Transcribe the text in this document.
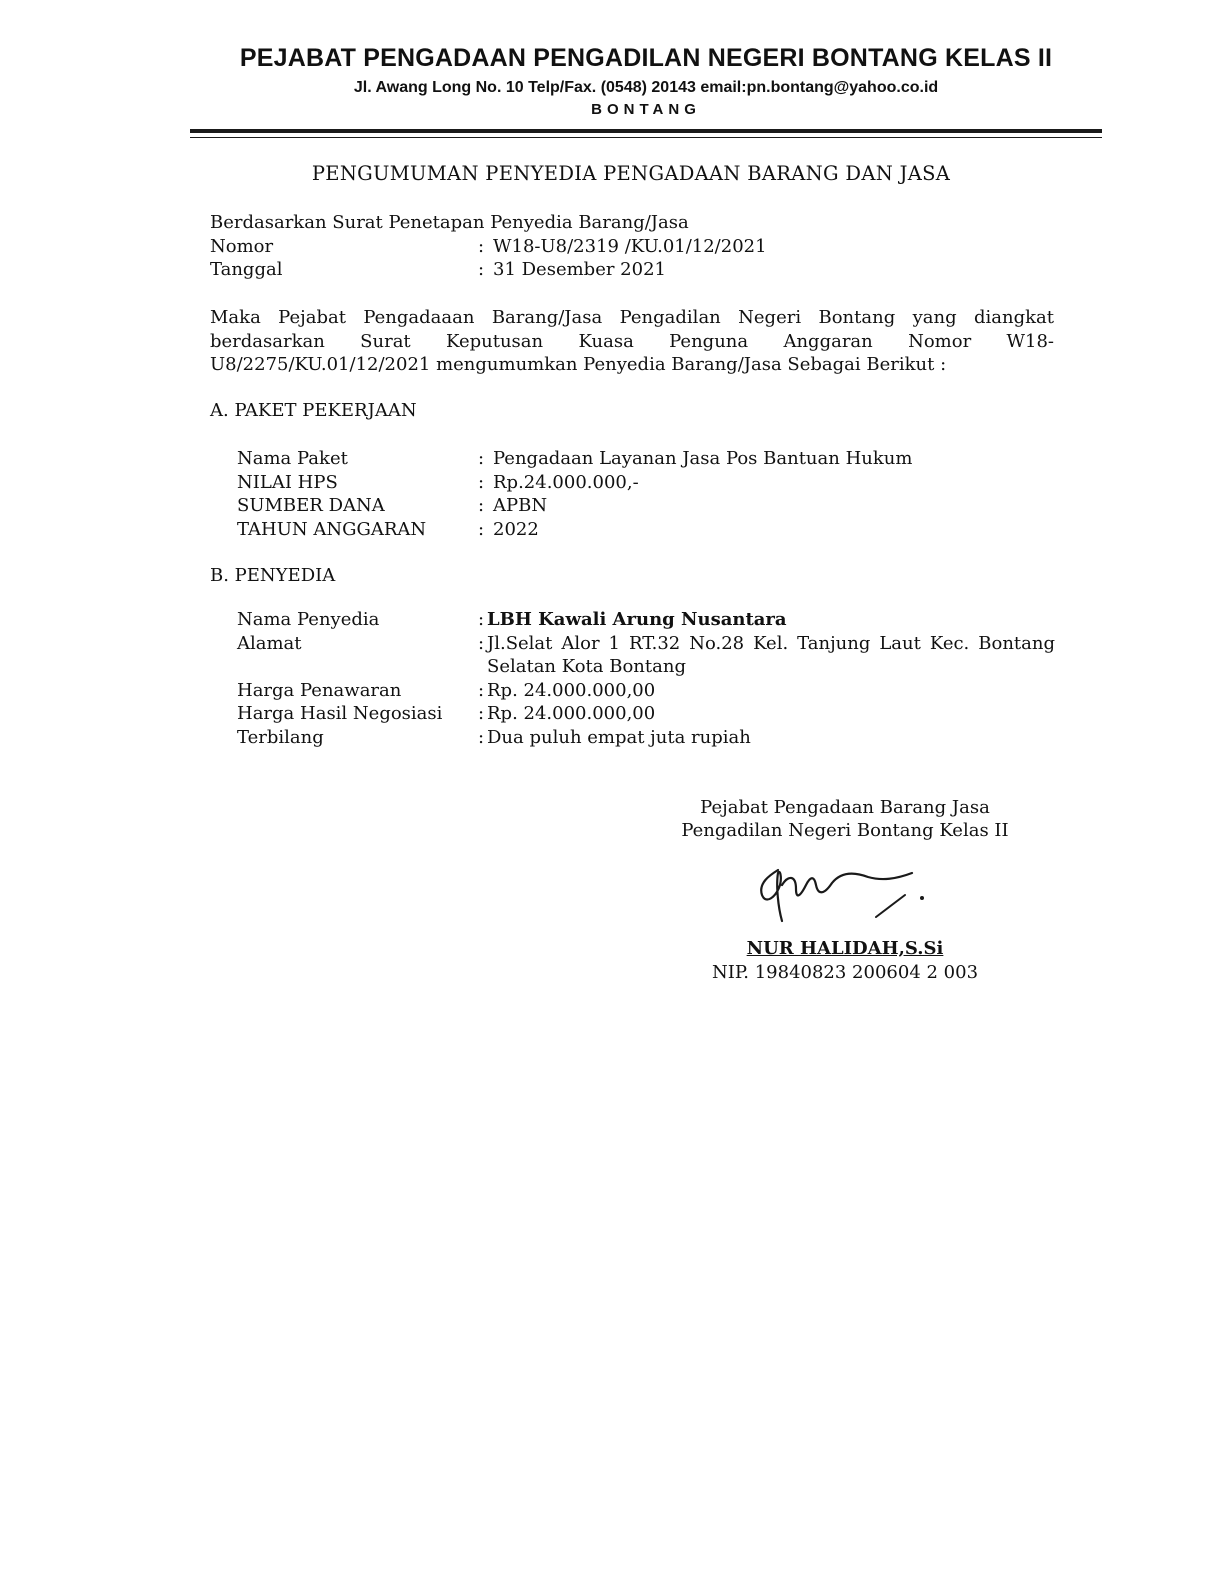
PEJABAT PENGADAAN PENGADILAN NEGERI BONTANG KELAS II
Jl. Awang Long No. 10 Telp/Fax. (0548) 20143 email:pn.bontang@yahoo.co.id
BONTANG
PENGUMUMAN PENYEDIA PENGADAAN BARANG DAN JASA
Berdasarkan Surat Penetapan Penyedia Barang/Jasa
Nomor	: W18-U8/2319 /KU.01/12/2021
Tanggal	: 31 Desember 2021
Maka Pejabat Pengadaaan Barang/Jasa Pengadilan Negeri Bontang yang diangkat berdasarkan Surat Keputusan Kuasa Penguna Anggaran Nomor W18-U8/2275/KU.01/12/2021 mengumumkan Penyedia Barang/Jasa Sebagai Berikut :
A. PAKET PEKERJAAN
Nama Paket	: Pengadaan Layanan Jasa Pos Bantuan Hukum
NILAI HPS	: Rp.24.000.000,-
SUMBER DANA	: APBN
TAHUN ANGGARAN	: 2022
B. PENYEDIA
Nama Penyedia	: LBH Kawali Arung Nusantara
Alamat	: Jl.Selat Alor 1 RT.32 No.28 Kel. Tanjung Laut Kec. Bontang Selatan Kota Bontang
Harga Penawaran	: Rp. 24.000.000,00
Harga Hasil Negosiasi : Rp. 24.000.000,00
Terbilang	: Dua puluh empat juta rupiah
Pejabat Pengadaan Barang Jasa
Pengadilan Negeri Bontang Kelas II
NUR HALIDAH,S.Si
NIP. 19840823 200604 2 003
